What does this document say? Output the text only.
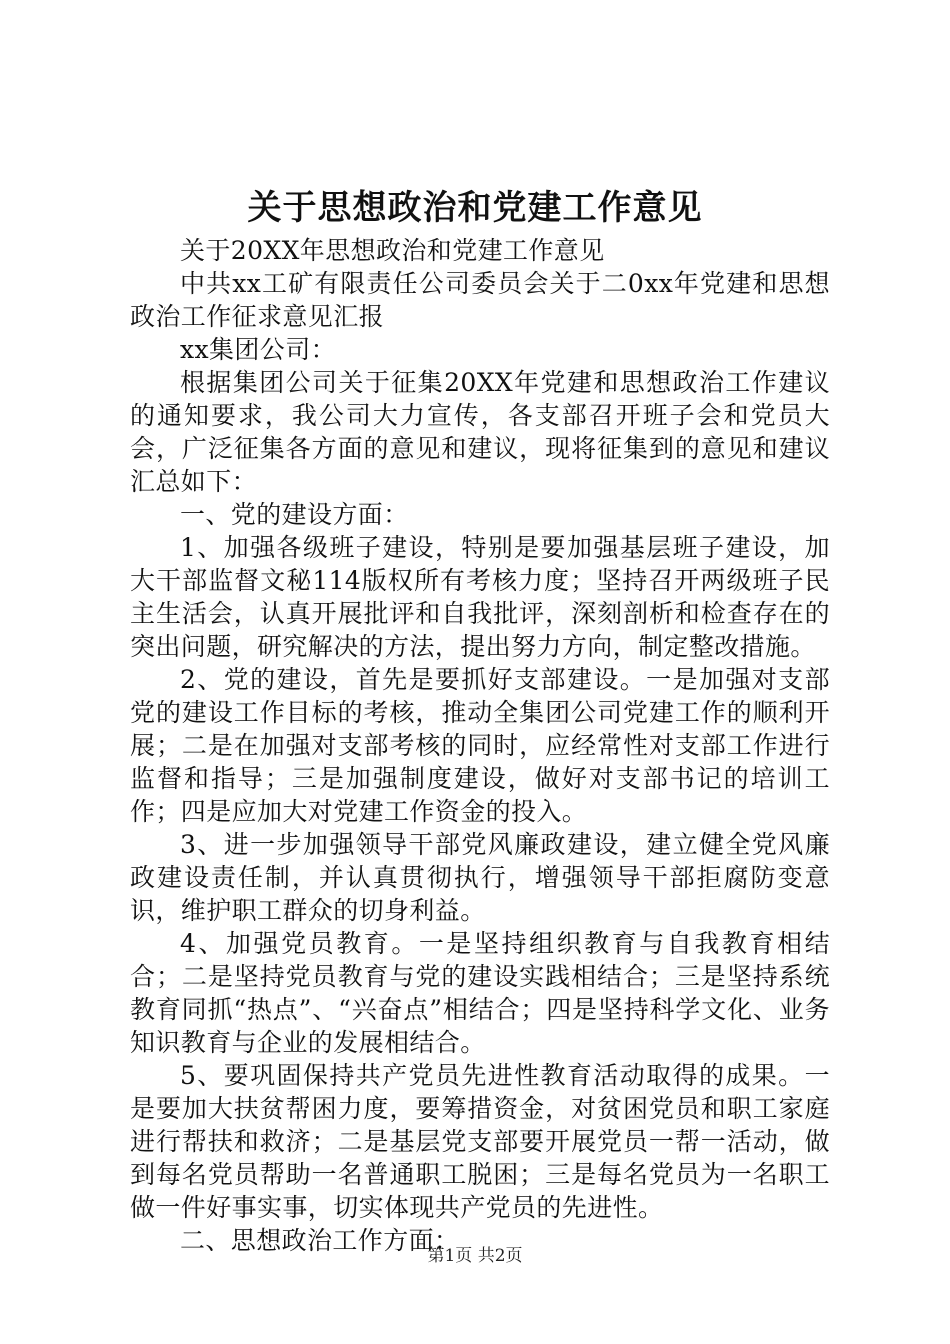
关于思想政治和党建工作意见

关于20XX年思想政治和党建工作意见

中共xx工矿有限责任公司委员会关于二0xx年党建和思想政治工作征求意见汇报

xx集团公司：

根据集团公司关于征集20XX年党建和思想政治工作建议的通知要求，我公司大力宣传，各支部召开班子会和党员大会，广泛征集各方面的意见和建议，现将征集到的意见和建议汇总如下：

一、党的建设方面：

1、加强各级班子建设，特别是要加强基层班子建设，加大干部监督文秘114版权所有考核力度；坚持召开两级班子民主生活会，认真开展批评和自我批评，深刻剖析和检查存在的突出问题，研究解决的方法，提出努力方向，制定整改措施。

2、党的建设，首先是要抓好支部建设。一是加强对支部党的建设工作目标的考核，推动全集团公司党建工作的顺利开展；二是在加强对支部考核的同时，应经常性对支部工作进行监督和指导；三是加强制度建设，做好对支部书记的培训工作；四是应加大对党建工作资金的投入。

3、进一步加强领导干部党风廉政建设，建立健全党风廉政建设责任制，并认真贯彻执行，增强领导干部拒腐防变意识，维护职工群众的切身利益。

4、加强党员教育。一是坚持组织教育与自我教育相结合；二是坚持党员教育与党的建设实践相结合；三是坚持系统教育同抓“热点”、“兴奋点”相结合；四是坚持科学文化、业务知识教育与企业的发展相结合。

5、要巩固保持共产党员先进性教育活动取得的成果。一是要加大扶贫帮困力度，要筹措资金，对贫困党员和职工家庭进行帮扶和救济；二是基层党支部要开展党员一帮一活动，做到每名党员帮助一名普通职工脱困；三是每名党员为一名职工做一件好事实事，切实体现共产党员的先进性。

二、思想政治工作方面：

第1页 共2页
